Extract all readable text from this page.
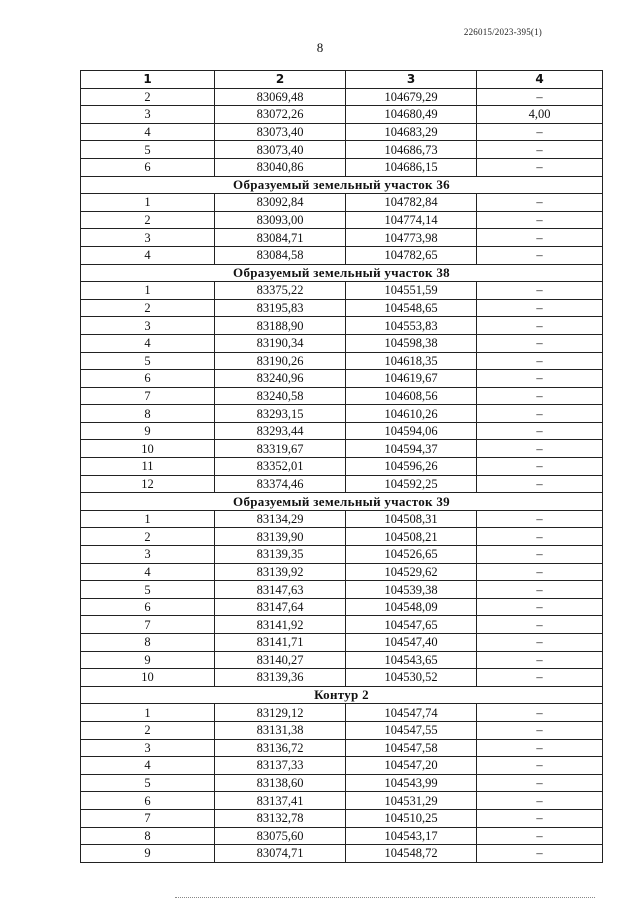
226015/2023-395(1)
8
1	2	3	4
2	83069,48	104679,29	–
3	83072,26	104680,49	4,00
4	83073,40	104683,29	–
5	83073,40	104686,73	–
6	83040,86	104686,15	–
Образуемый земельный участок 36			
1	83092,84	104782,84	–
2	83093,00	104774,14	–
3	83084,71	104773,98	–
4	83084,58	104782,65	–
Образуемый земельный участок 38			
1	83375,22	104551,59	–
2	83195,83	104548,65	–
3	83188,90	104553,83	–
4	83190,34	104598,38	–
5	83190,26	104618,35	–
6	83240,96	104619,67	–
7	83240,58	104608,56	–
8	83293,15	104610,26	–
9	83293,44	104594,06	–
10	83319,67	104594,37	–
11	83352,01	104596,26	–
12	83374,46	104592,25	–
Образуемый земельный участок 39			
1	83134,29	104508,31	–
2	83139,90	104508,21	–
3	83139,35	104526,65	–
4	83139,92	104529,62	–
5	83147,63	104539,38	–
6	83147,64	104548,09	–
7	83141,92	104547,65	–
8	83141,71	104547,40	–
9	83140,27	104543,65	–
10	83139,36	104530,52	–
Контур 2			
1	83129,12	104547,74	–
2	83131,38	104547,55	–
3	83136,72	104547,58	–
4	83137,33	104547,20	–
5	83138,60	104543,99	–
6	83137,41	104531,29	–
7	83132,78	104510,25	–
8	83075,60	104543,17	–
9	83074,71	104548,72	–
